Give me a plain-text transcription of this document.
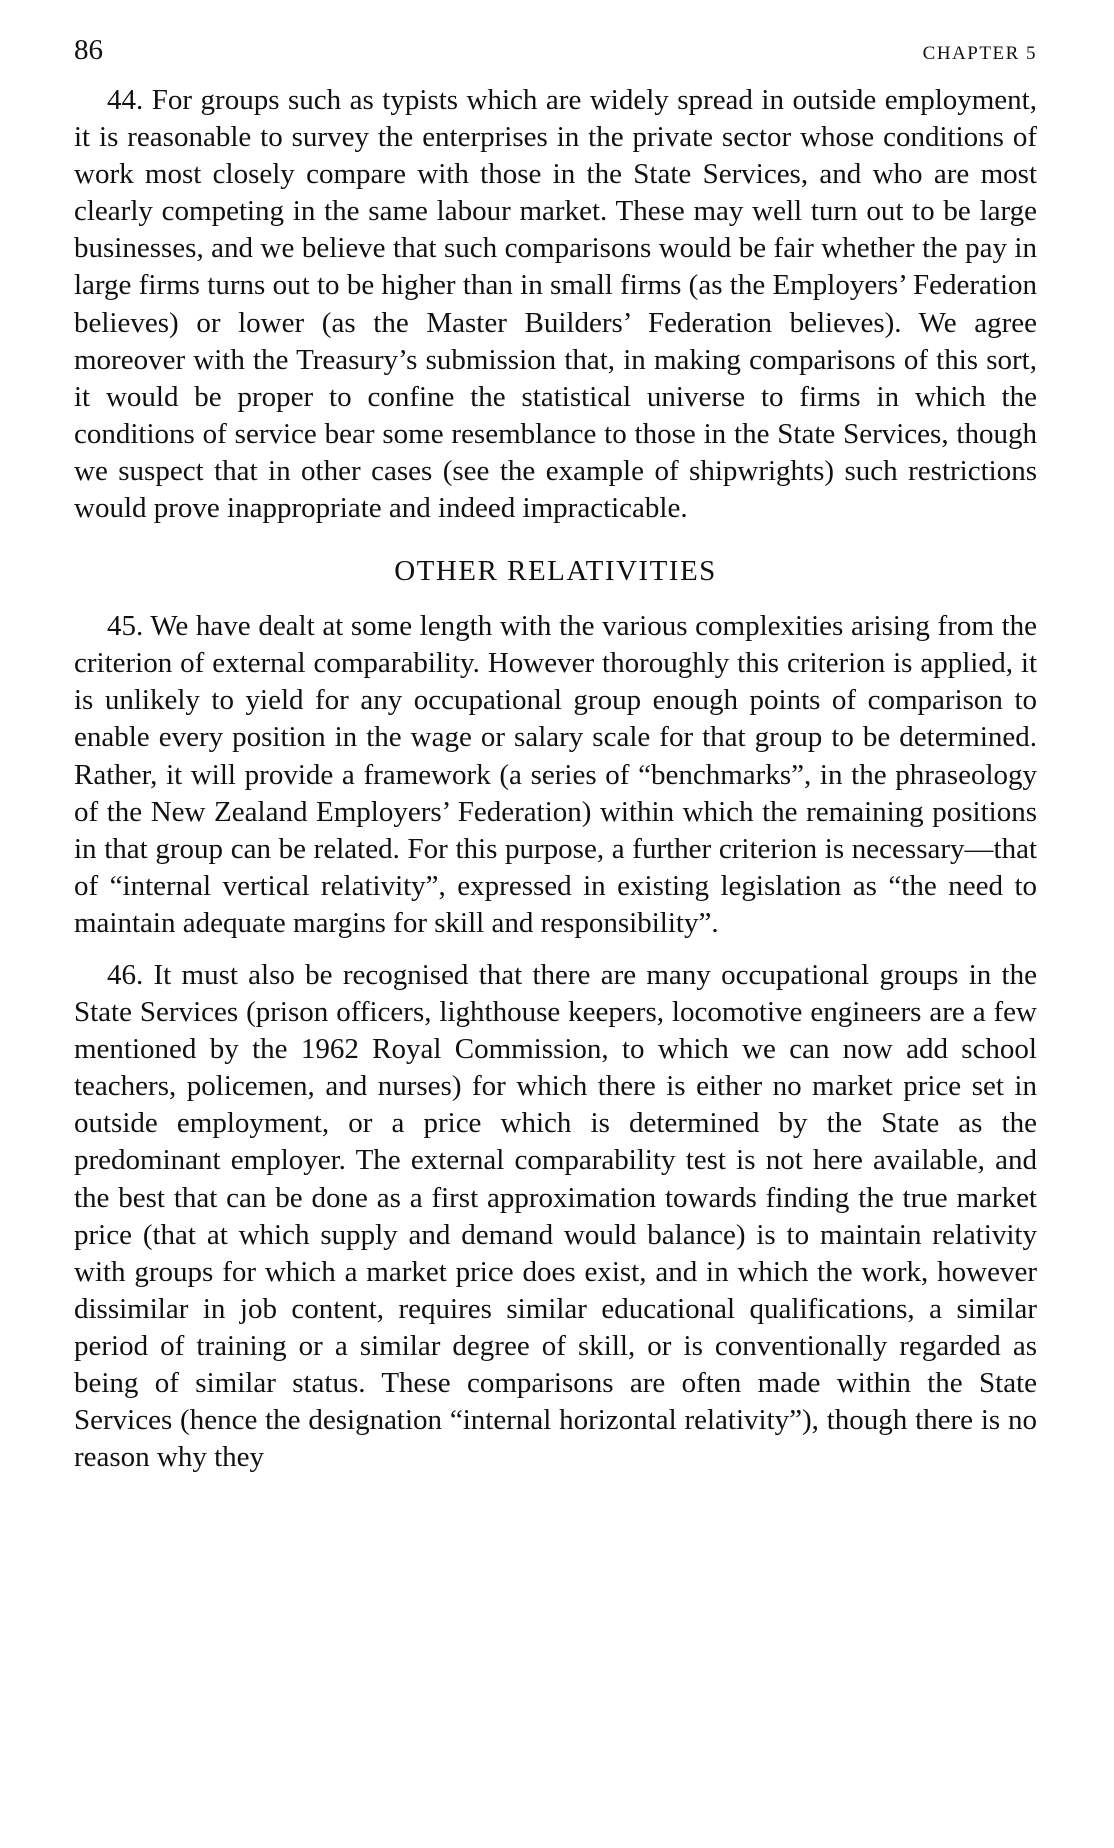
86	CHAPTER 5

44. For groups such as typists which are widely spread in outside employment, it is reasonable to survey the enterprises in the private sector whose conditions of work most closely compare with those in the State Services, and who are most clearly competing in the same labour market. These may well turn out to be large businesses, and we believe that such comparisons would be fair whether the pay in large firms turns out to be higher than in small firms (as the Employers’ Federation believes) or lower (as the Master Builders’ Federation believes). We agree moreover with the Treasury’s submission that, in making comparisons of this sort, it would be proper to confine the statistical universe to firms in which the conditions of service bear some resemblance to those in the State Services, though we suspect that in other cases (see the example of shipwrights) such restrictions would prove inappropriate and indeed impracticable.

OTHER RELATIVITIES

45. We have dealt at some length with the various complexities arising from the criterion of external comparability. However thoroughly this criterion is applied, it is unlikely to yield for any occupational group enough points of comparison to enable every position in the wage or salary scale for that group to be determined. Rather, it will provide a framework (a series of “benchmarks”, in the phraseology of the New Zealand Employers’ Federation) within which the remaining positions in that group can be related. For this purpose, a further criterion is necessary—that of “internal vertical relativity”, expressed in existing legislation as “the need to maintain adequate margins for skill and responsibility”.

46. It must also be recognised that there are many occupational groups in the State Services (prison officers, lighthouse keepers, locomotive engineers are a few mentioned by the 1962 Royal Commission, to which we can now add school teachers, policemen, and nurses) for which there is either no market price set in outside employment, or a price which is determined by the State as the predominant employer. The external comparability test is not here available, and the best that can be done as a first approximation towards finding the true market price (that at which supply and demand would balance) is to maintain relativity with groups for which a market price does exist, and in which the work, however dissimilar in job content, requires similar educational qualifications, a similar period of training or a similar degree of skill, or is conventionally regarded as being of similar status. These comparisons are often made within the State Services (hence the designation “internal horizontal relativity”), though there is no reason why they
